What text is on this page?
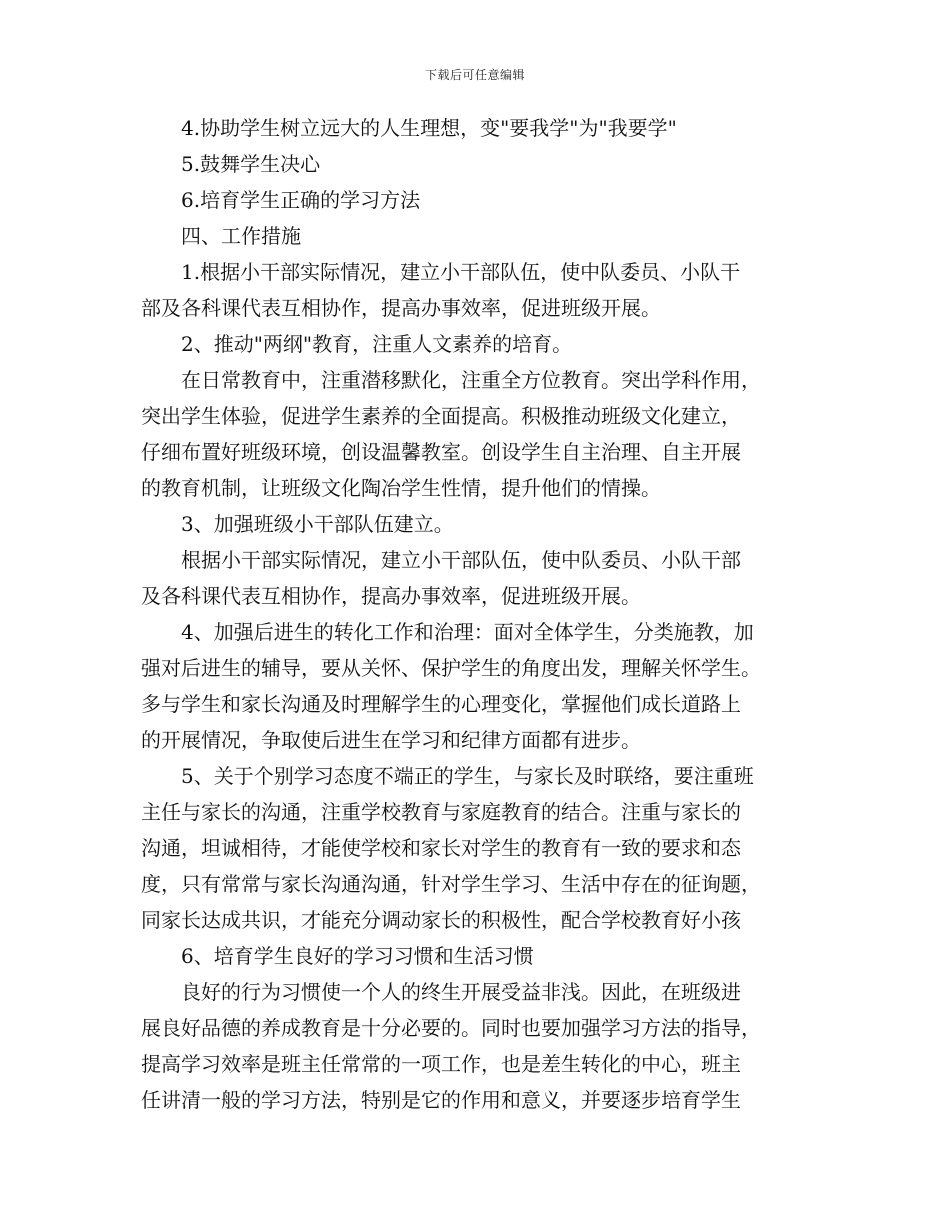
下载后可任意编辑
4.协助学生树立远大的人生理想，变"要我学"为"我要学"
5.鼓舞学生决心
6.培育学生正确的学习方法
四、工作措施
1.根据小干部实际情况，建立小干部队伍，使中队委员、小队干
部及各科课代表互相协作，提高办事效率，促进班级开展。
2、推动"两纲"教育，注重人文素养的培育。
在日常教育中，注重潜移默化，注重全方位教育。突出学科作用，
突出学生体验，促进学生素养的全面提高。积极推动班级文化建立，
仔细布置好班级环境，创设温馨教室。创设学生自主治理、自主开展
的教育机制，让班级文化陶冶学生性情，提升他们的情操。
3、加强班级小干部队伍建立。
根据小干部实际情况，建立小干部队伍，使中队委员、小队干部
及各科课代表互相协作，提高办事效率，促进班级开展。
4、加强后进生的转化工作和治理：面对全体学生，分类施教，加
强对后进生的辅导，要从关怀、保护学生的角度出发，理解关怀学生。
多与学生和家长沟通及时理解学生的心理变化，掌握他们成长道路上
的开展情况，争取使后进生在学习和纪律方面都有进步。
5、关于个别学习态度不端正的学生，与家长及时联络，要注重班
主任与家长的沟通，注重学校教育与家庭教育的结合。注重与家长的
沟通，坦诚相待，才能使学校和家长对学生的教育有一致的要求和态
度，只有常常与家长沟通沟通，针对学生学习、生活中存在的征询题，
同家长达成共识，才能充分调动家长的积极性，配合学校教育好小孩
6、培育学生良好的学习习惯和生活习惯
良好的行为习惯使一个人的终生开展受益非浅。因此，在班级进
展良好品德的养成教育是十分必要的。同时也要加强学习方法的指导，
提高学习效率是班主任常常的一项工作，也是差生转化的中心，班主
任讲清一般的学习方法，特别是它的作用和意义，并要逐步培育学生
